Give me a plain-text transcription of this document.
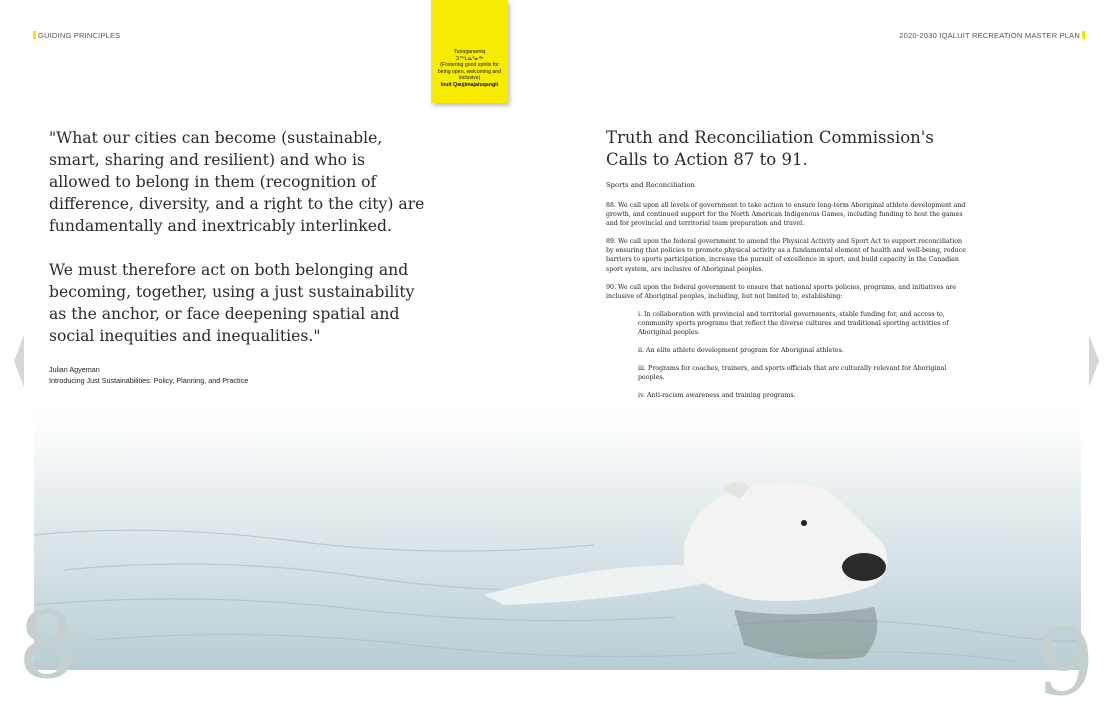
GUIDING PRINCIPLES	2020-2030 IQALUIT RECREATION MASTER PLAN
Tunnganarniq
ᑐᙵᓇᕐᓂᖅ
(Fostering good spirits for being open, welcoming and inclusive)
Inuit Qaujimajatuqangit

"What our cities can become (sustainable, smart, sharing and resilient) and who is allowed to belong in them (recognition of difference, diversity, and a right to the city) are fundamentally and inextricably interlinked.

We must therefore act on both belonging and becoming, together, using a just sustainability as the anchor, or face deepening spatial and social inequities and inequalities."

Julian Agyeman
Introducing Just Sustainabilities: Policy, Planning, and Practice
Truth and Reconciliation Commission's
Calls to Action 87 to 91.
Sports and Reconciliation

88. We call upon all levels of government to take action to ensure long-term Aboriginal athlete development and growth, and continued support for the North American Indigenous Games, including funding to host the games and for provincial and territorial team preparation and travel.

89. We call upon the federal government to amend the Physical Activity and Sport Act to support reconciliation by ensuring that policies to promote physical activity as a fundamental element of health and well-being, reduce barriers to sports participation, increase the pursuit of excellence in sport, and build capacity in the Canadian sport system, are inclusive of Aboriginal peoples.

90. We call upon the federal government to ensure that national sports policies, programs, and initiatives are inclusive of Aboriginal peoples, including, but not limited to, establishing:

i. In collaboration with provincial and territorial governments, stable funding for, and access to, community sports programs that reflect the diverse cultures and traditional sporting activities of Aboriginal peoples.

ii. An elite athlete development program for Aboriginal athletes.

iii. Programs for coaches, trainers, and sports officials that are culturally relevant for Aboriginal peoples.

iv. Anti-racism awareness and training programs.

8	9
